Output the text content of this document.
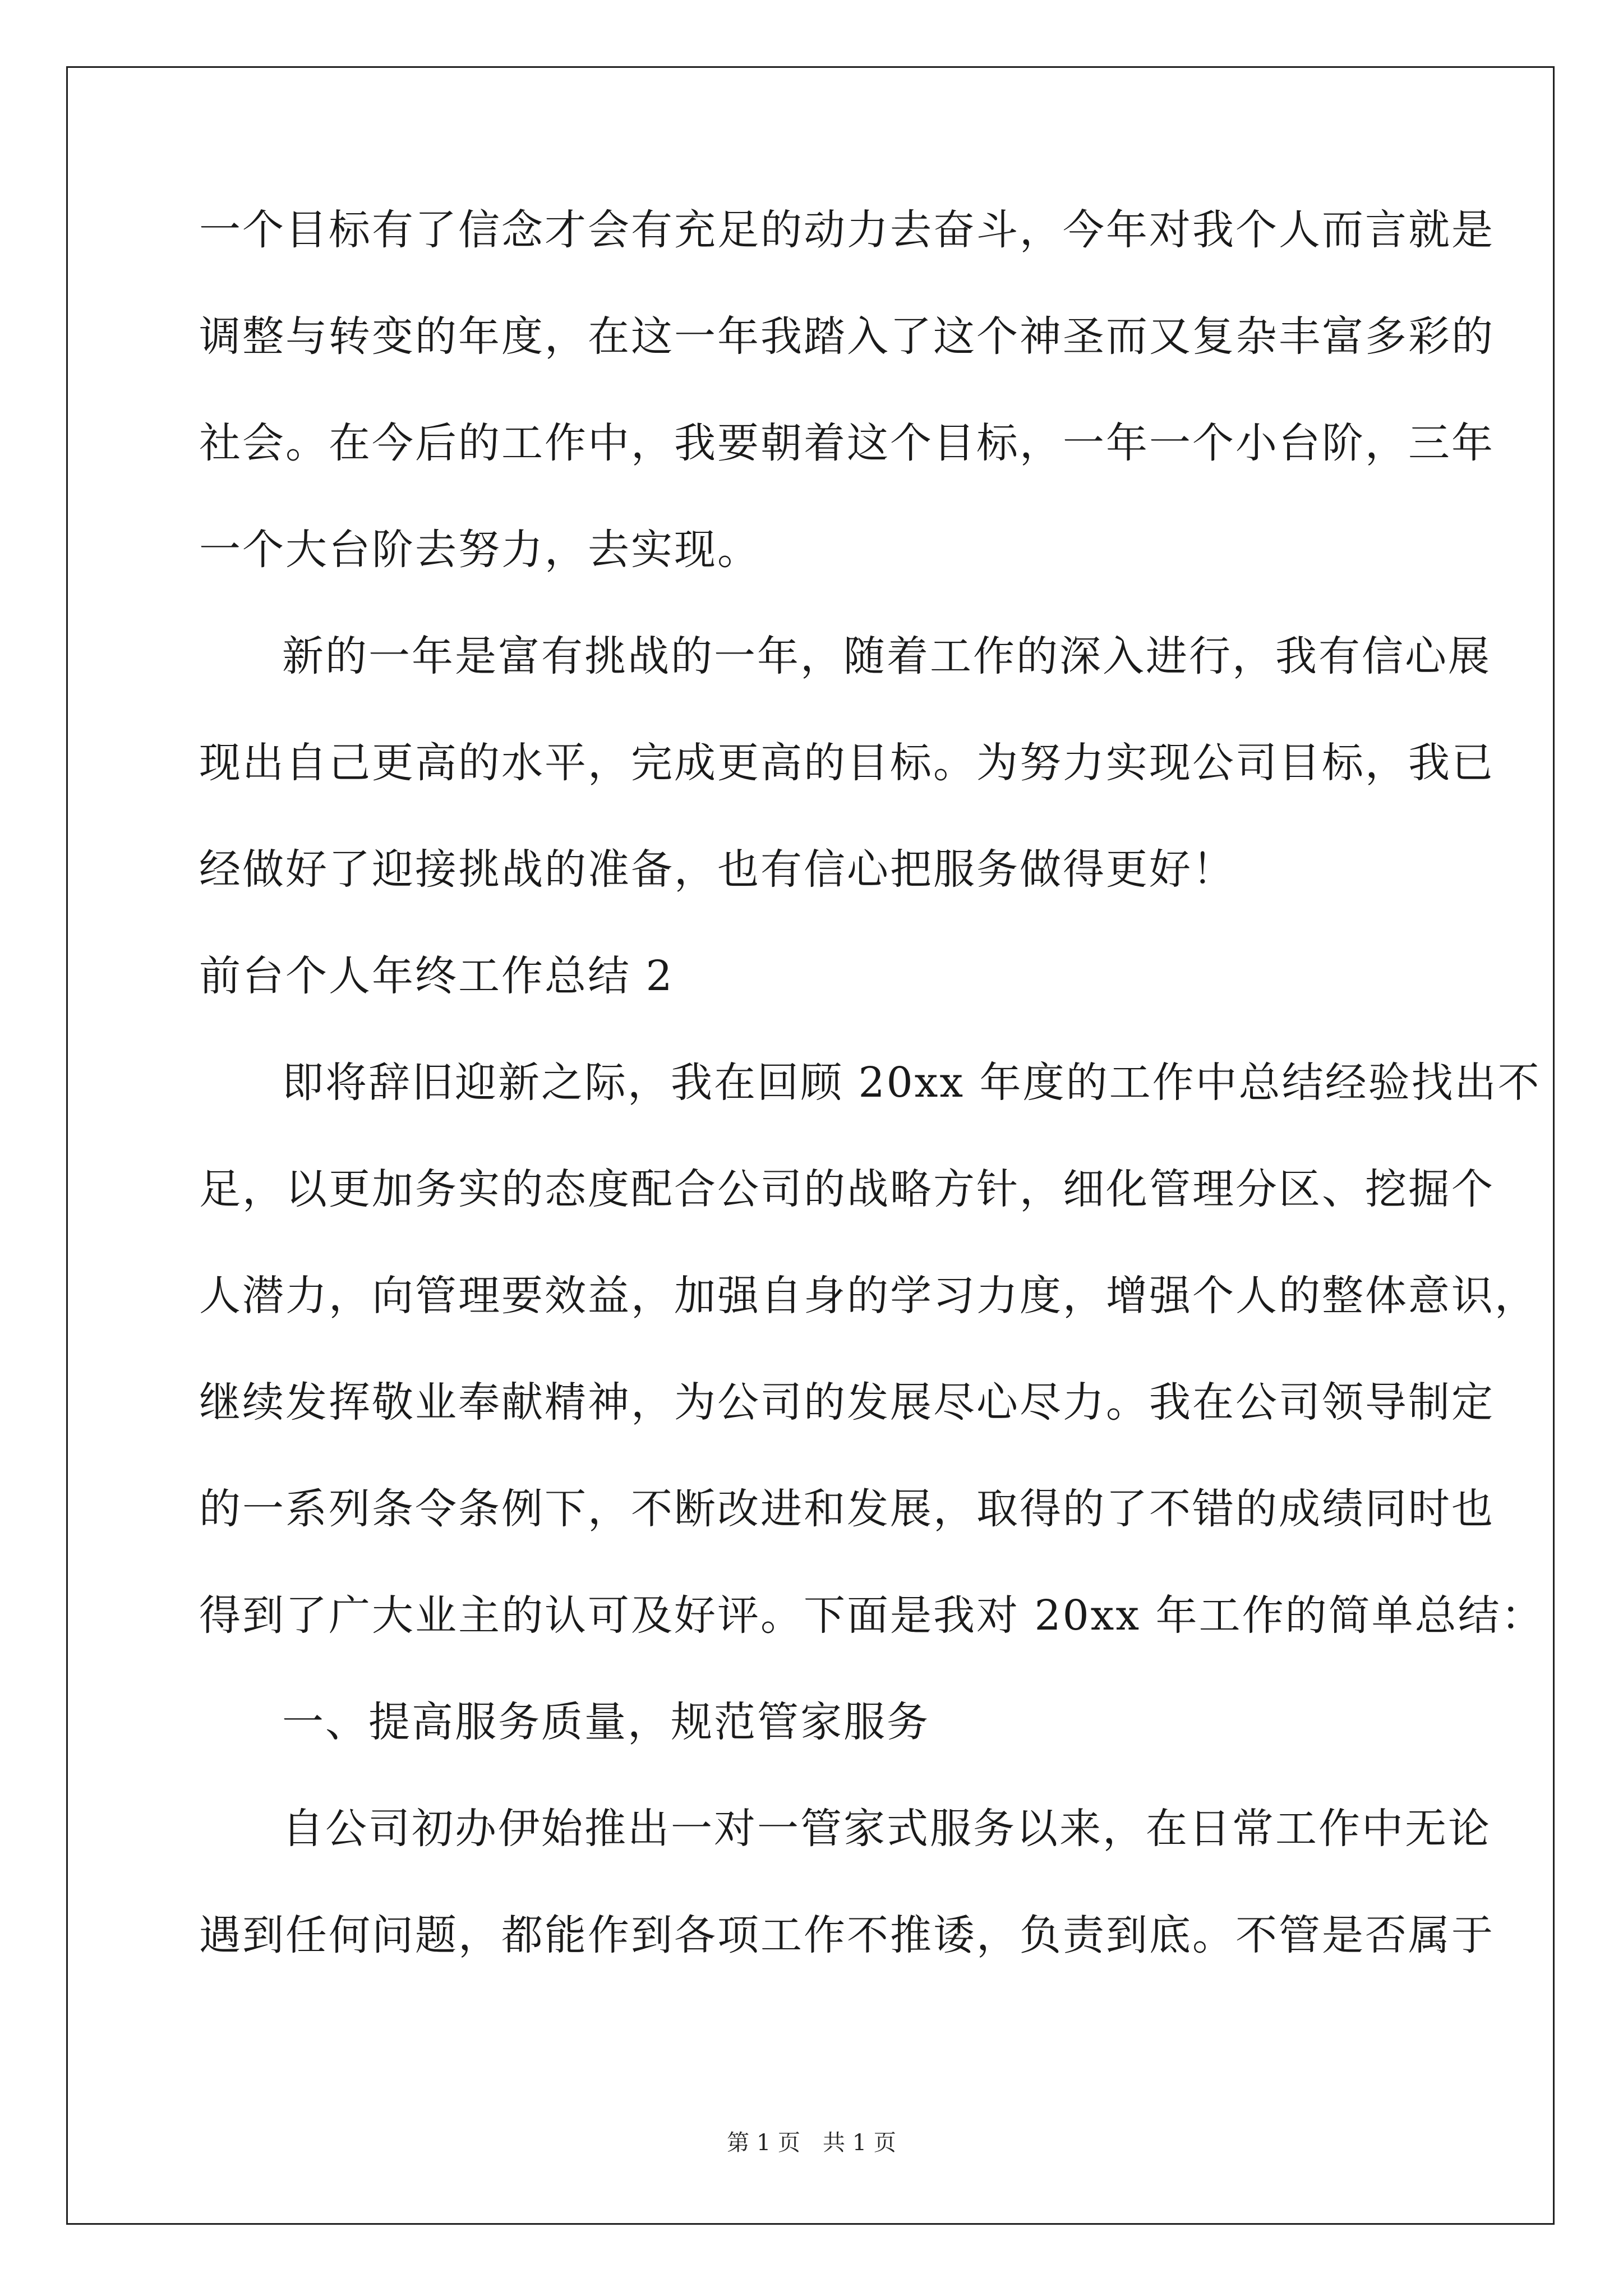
一个目标有了信念才会有充足的动力去奋斗，今年对我个人而言就是
调整与转变的年度，在这一年我踏入了这个神圣而又复杂丰富多彩的
社会。在今后的工作中，我要朝着这个目标，一年一个小台阶，三年
一个大台阶去努力，去实现。
新的一年是富有挑战的一年，随着工作的深入进行，我有信心展
现出自己更高的水平，完成更高的目标。为努力实现公司目标，我已
经做好了迎接挑战的准备，也有信心把服务做得更好！
前台个人年终工作总结 2
即将辞旧迎新之际，我在回顾 20xx 年度的工作中总结经验找出不
足，以更加务实的态度配合公司的战略方针，细化管理分区、挖掘个
人潜力，向管理要效益，加强自身的学习力度，增强个人的整体意识，
继续发挥敬业奉献精神，为公司的发展尽心尽力。我在公司领导制定
的一系列条令条例下，不断改进和发展，取得的了不错的成绩同时也
得到了广大业主的认可及好评。下面是我对 20xx 年工作的简单总结：
一、提高服务质量，规范管家服务
自公司初办伊始推出一对一管家式服务以来，在日常工作中无论
遇到任何问题，都能作到各项工作不推诿，负责到底。不管是否属于
第 1 页 共 1 页
